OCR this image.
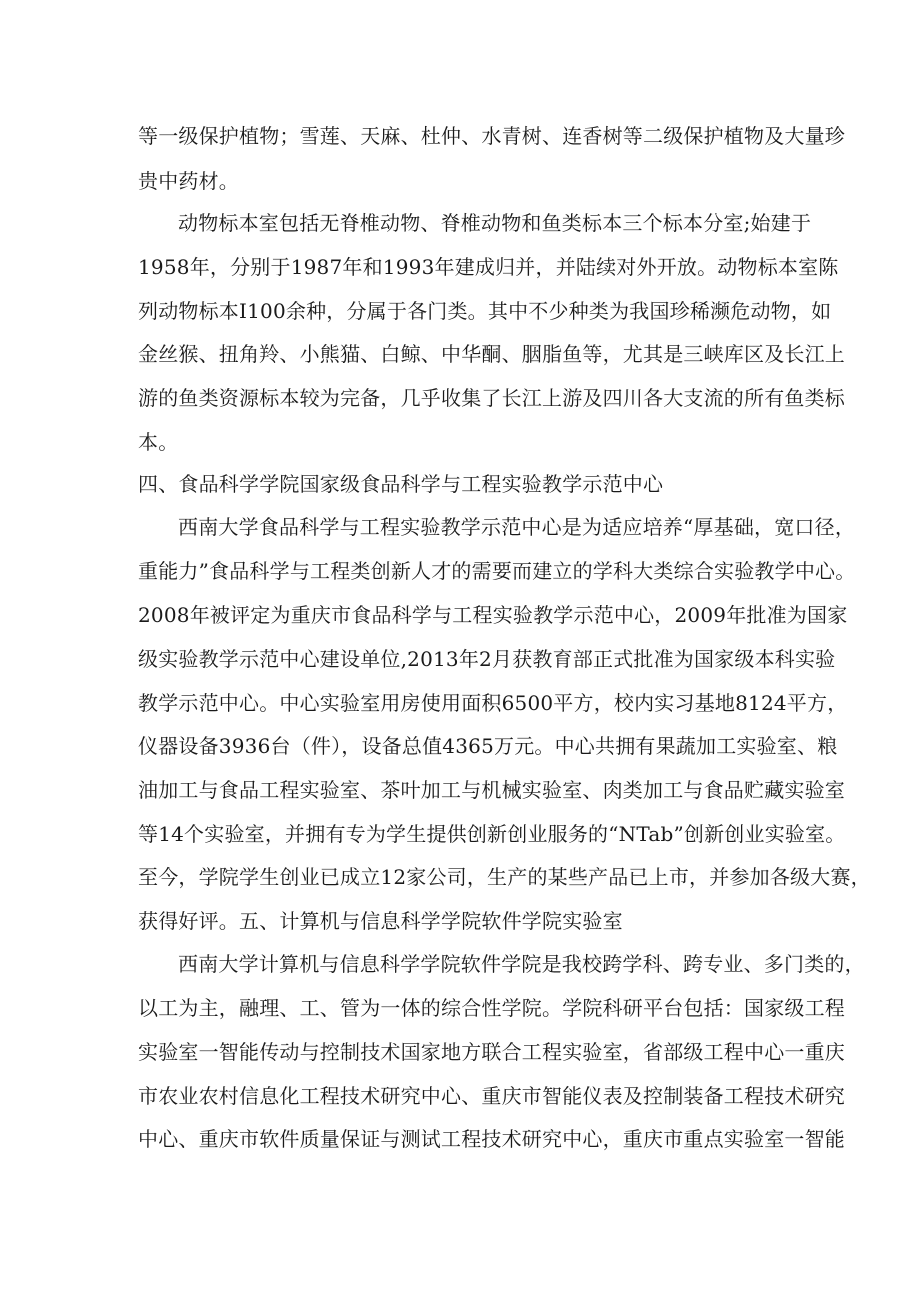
等一级保护植物；雪莲、天麻、杜仲、水青树、连香树等二级保护植物及大量珍
贵中药材。
动物标本室包括无脊椎动物、脊椎动物和鱼类标本三个标本分室;始建于
1958年，分别于1987年和1993年建成归并，并陆续对外开放。动物标本室陈
列动物标本I100余种，分属于各门类。其中不少种类为我国珍稀濒危动物，如
金丝猴、扭角羚、小熊猫、白鲸、中华酮、胭脂鱼等，尤其是三峡库区及长江上
游的鱼类资源标本较为完备，几乎收集了长江上游及四川各大支流的所有鱼类标
本。
四、食品科学学院国家级食品科学与工程实验教学示范中心
西南大学食品科学与工程实验教学示范中心是为适应培养“厚基础，宽口径，
重能力”食品科学与工程类创新人才的需要而建立的学科大类综合实验教学中心。
2008年被评定为重庆市食品科学与工程实验教学示范中心，2009年批准为国家
级实验教学示范中心建设单位,2013年2月获教育部正式批准为国家级本科实验
教学示范中心。中心实验室用房使用面积6500平方，校内实习基地8124平方，
仪器设备3936台（件），设备总值4365万元。中心共拥有果蔬加工实验室、粮
油加工与食品工程实验室、茶叶加工与机械实验室、肉类加工与食品贮藏实验室
等14个实验室，并拥有专为学生提供创新创业服务的“NTab”创新创业实验室。
至今，学院学生创业已成立12家公司，生产的某些产品已上市，并参加各级大赛，
获得好评。五、计算机与信息科学学院软件学院实验室
西南大学计算机与信息科学学院软件学院是我校跨学科、跨专业、多门类的，
以工为主，融理、工、管为一体的综合性学院。学院科研平台包括：国家级工程
实验室一智能传动与控制技术国家地方联合工程实验室，省部级工程中心一重庆
市农业农村信息化工程技术研究中心、重庆市智能仪表及控制装备工程技术研究
中心、重庆市软件质量保证与测试工程技术研究中心，重庆市重点实验室一智能
